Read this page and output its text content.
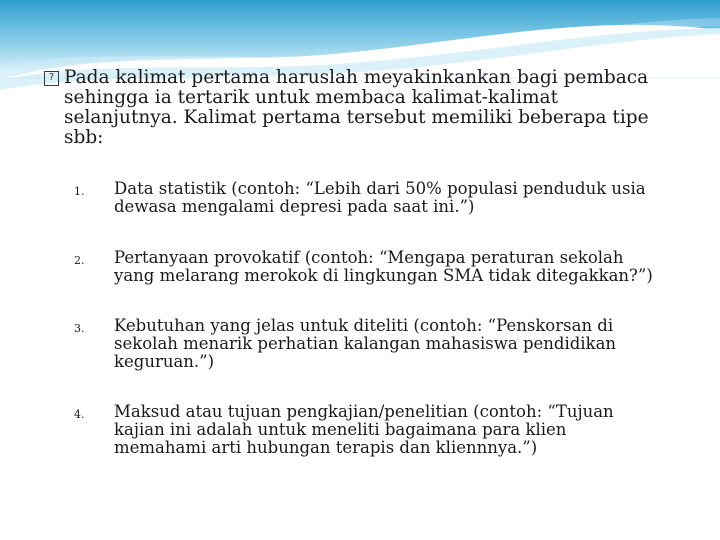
? Pada kalimat pertama haruslah meyakinkankan bagi pembaca
sehingga ia tertarik untuk membaca kalimat-kalimat
selanjutnya. Kalimat pertama tersebut memiliki beberapa tipe
sbb:

1. Data statistik (contoh: “Lebih dari 50% populasi penduduk usia
dewasa mengalami depresi pada saat ini.”)
2. Pertanyaan provokatif (contoh: “Mengapa peraturan sekolah
yang melarang merokok di lingkungan SMA tidak ditegakkan?”)
3. Kebutuhan yang jelas untuk diteliti (contoh: “Penskorsan di
sekolah menarik perhatian kalangan mahasiswa pendidikan
keguruan.”)
4. Maksud atau tujuan pengkajian/penelitian (contoh: “Tujuan
kajian ini adalah untuk meneliti bagaimana para klien
memahami arti hubungan terapis dan kliennnya.”)
